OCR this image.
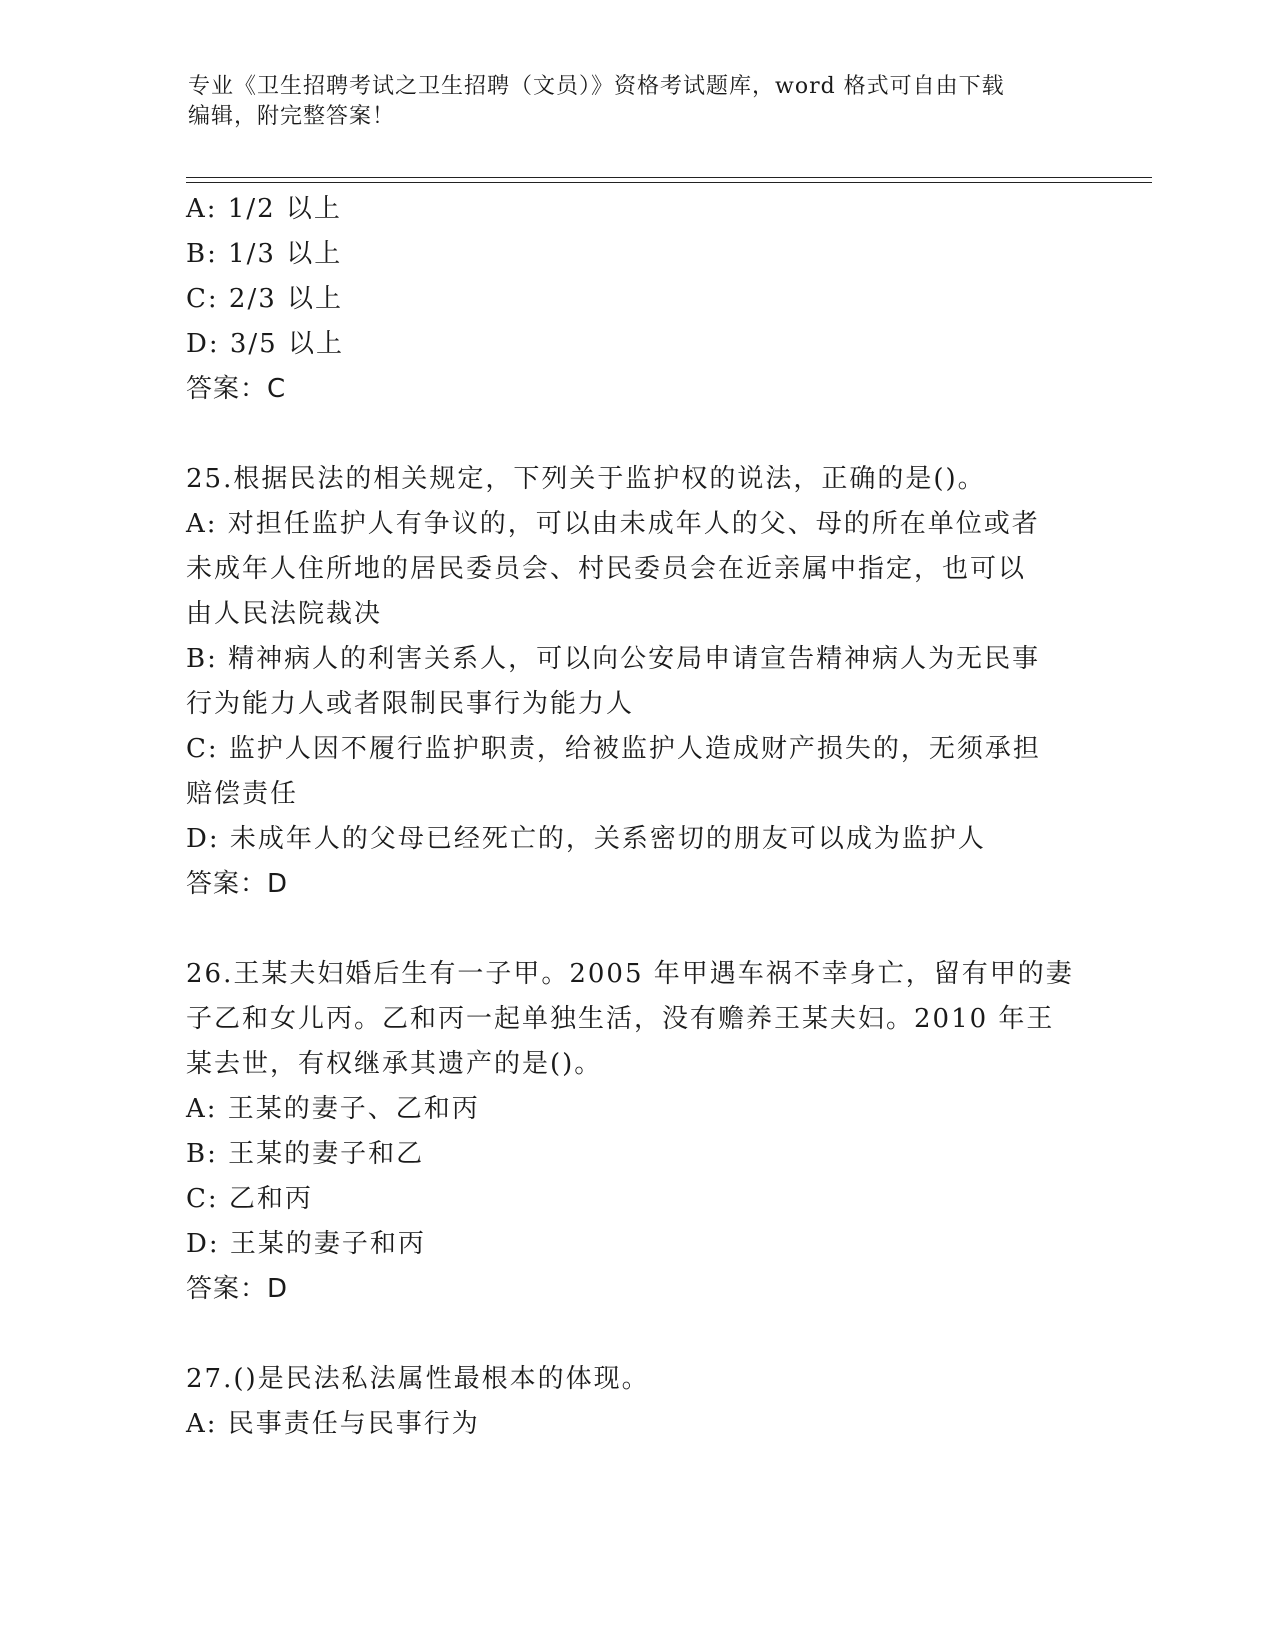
专业《卫生招聘考试之卫生招聘（文员）》资格考试题库，word 格式可自由下载
编辑，附完整答案！
A: 1/2 以上
B: 1/3 以上
C: 2/3 以上
D: 3/5 以上
答案：C
25.根据民法的相关规定，下列关于监护权的说法，正确的是()。
A: 对担任监护人有争议的，可以由未成年人的父、母的所在单位或者
未成年人住所地的居民委员会、村民委员会在近亲属中指定，也可以
由人民法院裁决
B: 精神病人的利害关系人，可以向公安局申请宣告精神病人为无民事
行为能力人或者限制民事行为能力人
C: 监护人因不履行监护职责，给被监护人造成财产损失的，无须承担
赔偿责任
D: 未成年人的父母已经死亡的，关系密切的朋友可以成为监护人
答案：D
26.王某夫妇婚后生有一子甲。2005 年甲遇车祸不幸身亡，留有甲的妻
子乙和女儿丙。乙和丙一起单独生活，没有赡养王某夫妇。2010 年王
某去世，有权继承其遗产的是()。
A: 王某的妻子、乙和丙
B: 王某的妻子和乙
C: 乙和丙
D: 王某的妻子和丙
答案：D
27.()是民法私法属性最根本的体现。
A: 民事责任与民事行为
